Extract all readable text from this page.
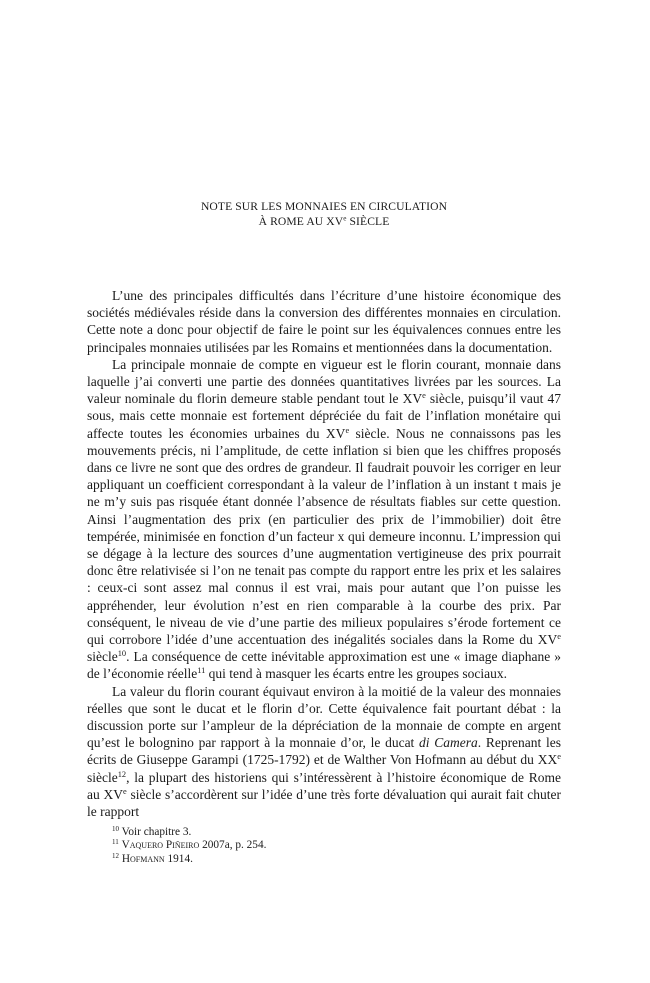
NOTE SUR LES MONNAIES EN CIRCULATION
À ROME AU XVe SIÈCLE

L’une des principales difficultés dans l’écriture d’une histoire économique des sociétés médiévales réside dans la conversion des différentes monnaies en circulation. Cette note a donc pour objectif de faire le point sur les équivalences connues entre les principales monnaies utilisées par les Romains et mentionnées dans la documentation.

La principale monnaie de compte en vigueur est le florin courant, monnaie dans laquelle j’ai converti une partie des données quantitatives livrées par les sources. La valeur nominale du florin demeure stable pendant tout le XVe siècle, puisqu’il vaut 47 sous, mais cette monnaie est fortement dépréciée du fait de l’inflation monétaire qui affecte toutes les économies urbaines du XVe siècle. Nous ne connaissons pas les mouvements précis, ni l’amplitude, de cette inflation si bien que les chiffres proposés dans ce livre ne sont que des ordres de grandeur. Il faudrait pouvoir les corriger en leur appliquant un coefficient correspondant à la valeur de l’inflation à un instant t mais je ne m’y suis pas risquée étant donnée l’absence de résultats fiables sur cette question. Ainsi l’augmentation des prix (en particulier des prix de l’immobilier) doit être tempérée, minimisée en fonction d’un facteur x qui demeure inconnu. L’impression qui se dégage à la lecture des sources d’une augmentation vertigineuse des prix pourrait donc être relativisée si l’on ne tenait pas compte du rapport entre les prix et les salaires : ceux-ci sont assez mal connus il est vrai, mais pour autant que l’on puisse les appréhender, leur évolution n’est en rien comparable à la courbe des prix. Par conséquent, le niveau de vie d’une partie des milieux populaires s’érode fortement ce qui corrobore l’idée d’une accentuation des inégalités sociales dans la Rome du XVe siècle$^{10}$. La conséquence de cette inévitable approximation est une « image diaphane » de l’économie réelle$^{11}$ qui tend à masquer les écarts entre les groupes sociaux.

La valeur du florin courant équivaut environ à la moitié de la valeur des monnaies réelles que sont le ducat et le florin d’or. Cette équivalence fait pourtant débat : la discussion porte sur l’ampleur de la dépréciation de la monnaie de compte en argent qu’est le bolognino par rapport à la monnaie d’or, le ducat di Camera. Reprenant les écrits de Giuseppe Garampi (1725-1792) et de Walther Von Hofmann au début du XXe siècle$^{12}$, la plupart des historiens qui s’intéressèrent à l’histoire économique de Rome au XVe siècle s’accordèrent sur l’idée d’une très forte dévaluation qui aurait fait chuter le rapport

$^{10}$ Voir chapitre 3.
$^{11}$ Vaquero Piñeiro 2007a, p. 254.
$^{12}$ Hofmann 1914.
